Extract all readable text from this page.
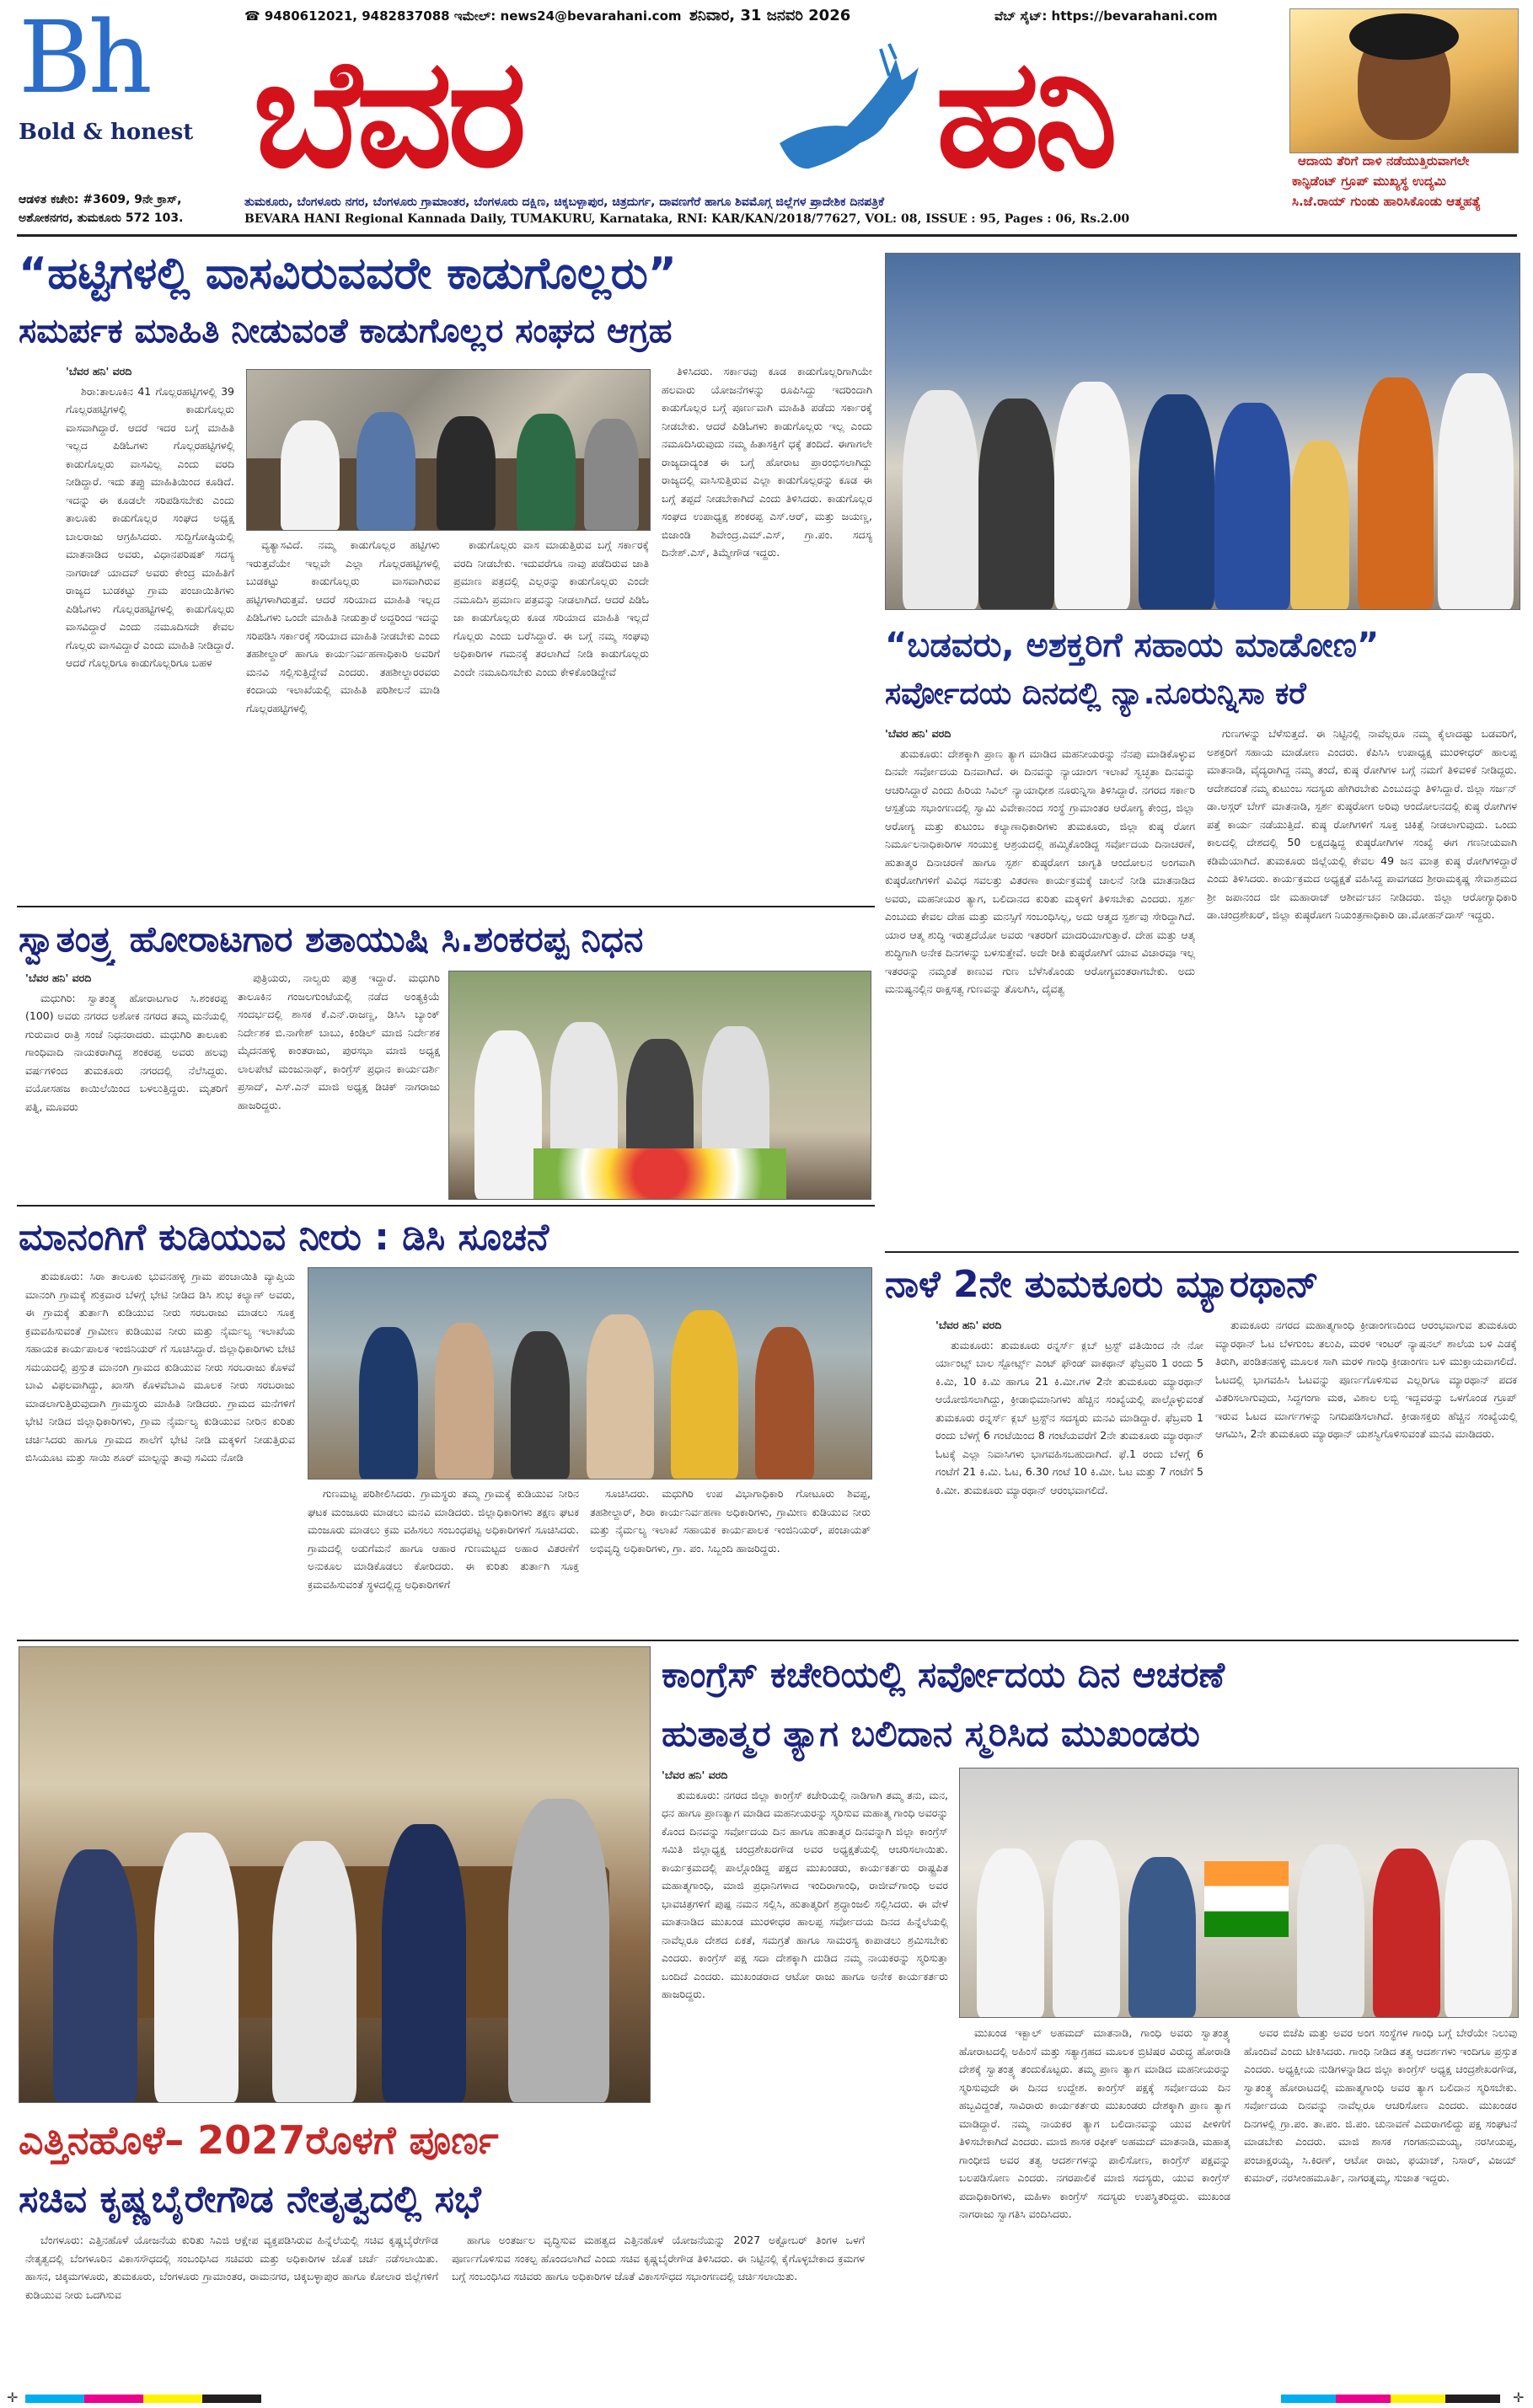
Bh
Bold & honest
☎ 9480612021, 9482837088 ಇಮೇಲ್: news24@bevarahani.com ಶನಿವಾರ, 31 ಜನವರಿ 2026	ವೆಬ್ ಸೈಟ್: https://bevarahani.com
ಬೆವರ	ಹನಿ	ಆದಾಯ ತೆರಿಗೆ ದಾಳಿ ನಡೆಯುತ್ತಿರುವಾಗಲೇ
ಕಾನ್ಫಿಡೆಂಟ್ ಗ್ರೂಪ್ ಮುಖ್ಯಸ್ಥ ಉದ್ಯಮಿ
ಸಿ.ಜೆ.ರಾಯ್ ಗುಂಡು ಹಾರಿಸಿಕೊಂಡು ಆತ್ಮಹತ್ಯೆ
ಆಡಳಿತ ಕಚೇರಿ: #3609, 9ನೇ ಕ್ರಾಸ್, ಅಶೋಕನಗರ, ತುಮಕೂರು 572 103.
ತುಮಕೂರು, ಬೆಂಗಳೂರು ನಗರ, ಬೆಂಗಳೂರು ಗ್ರಾಮಾಂತರ, ಬೆಂಗಳೂರು ದಕ್ಷಿಣ, ಚಿಕ್ಕಬಳ್ಳಾಪುರ, ಚಿತ್ರದುರ್ಗ, ದಾವಣಗೆರೆ ಹಾಗೂ ಶಿವಮೊಗ್ಗ ಜಿಲ್ಲೆಗಳ ಪ್ರಾದೇಶಿಕ ದಿನಪತ್ರಿಕೆ
BEVARA HANI Regional Kannada Daily, TUMAKURU, Karnataka, RNI: KAR/KAN/2018/77627, VOL: 08, ISSUE : 95, Pages : 06, Rs.2.00
“ಹಟ್ಟಿಗಳಲ್ಲಿ ವಾಸವಿರುವವರೇ ಕಾಡುಗೊಲ್ಲರು”
ಸಮರ್ಪಕ ಮಾಹಿತಿ ನೀಡುವಂತೆ ಕಾಡುಗೊಲ್ಲರ ಸಂಘದ ಆಗ್ರಹ
'ಬೆವರ ಹನಿ' ವರದಿ

ಶಿರಾ:ತಾಲೂಕಿನ 41 ಗೊಲ್ಲರಹಟ್ಟಿಗಳಲ್ಲಿ 39 ಗೊಲ್ಲರಹಟ್ಟಿಗಳಲ್ಲಿ ಕಾಡುಗೊಲ್ಲರು ವಾಸವಾಗಿದ್ದಾರೆ. ಆದರೆ ಇದರ ಬಗ್ಗೆ ಮಾಹಿತಿ ಇಲ್ಲದ ಪಿಡಿಓಗಳು ಗೊಲ್ಲರಹಟ್ಟಿಗಳಲ್ಲಿ ಕಾಡುಗೊಲ್ಲರು ವಾಸವಿಲ್ಲ ಎಂದು ವರದಿ ನೀಡಿದ್ದಾರೆ. ಇದು ತಪ್ಪು ಮಾಹಿತಿಯಿಂದ ಕೂಡಿದೆ. ಇದನ್ನು ಈ ಕೂಡಲೇ ಸರಿಪಡಿಸಬೇಕು ಎಂದು ತಾಲೂಕು ಕಾಡುಗೊಲ್ಲರ ಸಂಘದ ಅಧ್ಯಕ್ಷ ಬಾಲರಾಜು ಆಗ್ರಹಿಸಿದರು. ಸುದ್ದಿಗೋಷ್ಠಿಯಲ್ಲಿ ಮಾತನಾಡಿದ ಅವರು, ವಿಧಾನಪರಿಷತ್ ಸದಸ್ಯ ನಾಗರಾಜ್ ಯಾದವ್ ಅವರು ಕೇಂದ್ರ ಮಾಹಿತಿಗೆ ರಾಜ್ಯದ ಬುಡಕಟ್ಟು ಗ್ರಾಮ ಪಂಚಾಯಿತಿಗಳು ಪಿಡಿಓಗಳು ಗೊಲ್ಲರಹಟ್ಟಿಗಳಲ್ಲಿ ಕಾಡುಗೊಲ್ಲರು ವಾಸವಿದ್ದಾರೆ ಎಂದು ನಮೂದಿಸದೇ ಕೇವಲ ಗೊಲ್ಲರು ವಾಸವಿದ್ದಾರೆ ಎಂದು ಮಾಹಿತಿ ನೀಡಿದ್ದಾರೆ. ಆದರೆ ಗೊಲ್ಲರಿಗೂ ಕಾಡುಗೊಲ್ಲರಿಗೂ ಬಹಳ

ವ್ಯತ್ಯಾಸವಿದೆ. ನಮ್ಮ ಕಾಡುಗೊಲ್ಲರ ಹಟ್ಟಿಗಳು ಇರುತ್ತವೆಯೇ ಇಲ್ಲವೇ ಎಲ್ಲಾ ಗೊಲ್ಲರಹಟ್ಟಿಗಳಲ್ಲಿ ಬುಡಕಟ್ಟು ಕಾಡುಗೊಲ್ಲರು ವಾಸವಾಗಿರುವ ಹಟ್ಟಿಗಳಾಗಿರುತ್ತವೆ. ಆದರೆ ಸರಿಯಾದ ಮಾಹಿತಿ ಇಲ್ಲದ ಪಿಡಿಓಗಳು ಒಂದೇ ಮಾಹಿತಿ ನೀಡುತ್ತಾರೆ ಅದ್ದರಿಂದ ಇದನ್ನು ಸರಿಪಡಿಸಿ ಸರ್ಕಾರಕ್ಕೆ ಸರಿಯಾದ ಮಾಹಿತಿ ನೀಡಬೇಕು ಎಂದು ತಹಶೀಲ್ದಾರ್ ಹಾಗೂ ಕಾರ್ಯನಿರ್ವಹಣಾಧಿಕಾರಿ ಅವರಿಗೆ ಮನವಿ ಸಲ್ಲಿಸುತ್ತಿದ್ದೇವೆ ಎಂದರು. ತಹಶೀಲ್ದಾರರವರು ಕಂದಾಯ ಇಲಾಖೆಯಲ್ಲಿ ಮಾಹಿತಿ ಪರಿಶೀಲನೆ ಮಾಡಿ ಗೊಲ್ಲರಹಟ್ಟಿಗಳಲ್ಲಿ

ಕಾಡುಗೊಲ್ಲರು ವಾಸ ಮಾಡುತ್ತಿರುವ ಬಗ್ಗೆ ಸರ್ಕಾರಕ್ಕೆ ವರದಿ ನೀಡಬೇಕು. ಇದುವರೆಗೂ ನಾವು ಪಡೆದಿರುವ ಜಾತಿ ಪ್ರಮಾಣ ಪತ್ರದಲ್ಲಿ ಎಲ್ಲರನ್ನು ಕಾಡುಗೊಲ್ಲರು ಎಂದೇ ನಮೂದಿಸಿ ಪ್ರಮಾಣ ಪತ್ರವನ್ನು ನೀಡಲಾಗಿದೆ. ಆದರೆ ಪಿಡಿಓ ಜಾ ಕಾಡುಗೊಲ್ಲರು ಕೂಡ ಸರಿಯಾದ ಮಾಹಿತಿ ಇಲ್ಲದೆ ಗೊಲ್ಲರು ಎಂದು ಬರೆಸಿದ್ದಾರೆ. ಈ ಬಗ್ಗೆ ನಮ್ಮ ಸಂಘವು ಅಧಿಕಾರಿಗಳ ಗಮನಕ್ಕೆ ತರಲಾಗಿದೆ ನೀಡಿ ಕಾಡುಗೊಲ್ಲರು ಎಂದೇ ನಮೂದಿಸಬೇಕು ಎಂದು ಕೇಳಿಕೊಂಡಿದ್ದೇವೆ

ತಿಳಿಸಿದರು. ಸರ್ಕಾರವು ಕೂಡ ಕಾಡುಗೊಲ್ಲರಿಗಾಗಿಯೇ ಹಲವಾರು ಯೋಜನೆಗಳನ್ನು ರೂಪಿಸಿದ್ದು ಇದರಿಂದಾಗಿ ಕಾಡುಗೊಲ್ಲರ ಬಗ್ಗೆ ಪೂರ್ಣವಾಗಿ ಮಾಹಿತಿ ಪಡೆದು ಸರ್ಕಾರಕ್ಕೆ ನೀಡಬೇಕು. ಆದರೆ ಪಿಡಿಓಗಳು ಕಾಡುಗೊಲ್ಲರು ಇಲ್ಲ ಎಂದು ನಮೂದಿಸಿರುವುದು ನಮ್ಮ ಹಿತಾಸಕ್ತಿಗೆ ಧಕ್ಕೆ ತಂದಿದೆ. ಈಗಾಗಲೇ ರಾಜ್ಯದಾದ್ಯಂತ ಈ ಬಗ್ಗೆ ಹೋರಾಟ ಪ್ರಾರಂಭಿಸಲಾಗಿದ್ದು ರಾಜ್ಯದಲ್ಲಿ ವಾಸಿಸುತ್ತಿರುವ ಎಲ್ಲಾ ಕಾಡುಗೊಲ್ಲರನ್ನು ಕೂಡ ಈ ಬಗ್ಗೆ ತಪ್ಪದೆ ನೀಡಬೇಕಾಗಿದೆ ಎಂದು ತಿಳಿಸಿದರು. ಕಾಡುಗೊಲ್ಲರ ಸಂಘದ ಉಪಾಧ್ಯಕ್ಷ ಶಂಕರಪ್ಪ ಎಸ್.ಆರ್, ಮತ್ತು ಜಯಣ್ಣ, ಬಿಜಾಂಡಿ ಶಿವೇಂದ್ರ.ಎಮ್.ಎಸ್, ಗ್ರಾ.ಪಂ. ಸದಸ್ಯ ದಿನೇಶ್.ಎಸ್, ತಿಮ್ಮೇಗೌಡ ಇದ್ದರು.

“ಬಡವರು, ಅಶಕ್ತರಿಗೆ ಸಹಾಯ ಮಾಡೋಣ”
ಸರ್ವೋದಯ ದಿನದಲ್ಲಿ ನ್ಯಾ.ನೂರುನ್ನಿಸಾ ಕರೆ
'ಬೆವರ ಹನಿ' ವರದಿ

ತುಮಕೂರು: ದೇಶಕ್ಕಾಗಿ ಪ್ರಾಣ ತ್ಯಾಗ ಮಾಡಿದ ಮಹನೀಯರನ್ನು ನೆನಪು ಮಾಡಿಕೊಳ್ಳುವ ದಿನವೇ ಸರ್ವೋದಯ ದಿನವಾಗಿದೆ. ಈ ದಿನವನ್ನು ನ್ಯಾಯಾಂಗ ಇಲಾಖೆ ಸ್ವಚ್ಛತಾ ದಿನವನ್ನು ಆಚರಿಸಿದ್ದಾರೆ ಎಂದು ಹಿರಿಯ ಸಿವಿಲ್ ನ್ಯಾಯಾಧೀಶ ನೂರುನ್ನಿಸಾ ತಿಳಿಸಿದ್ದಾರೆ. ನಗರದ ಸರ್ಕಾರಿ ಆಸ್ಪತ್ರೆಯ ಸಭಾಂಗಣದಲ್ಲಿ ಸ್ವಾಮಿ ವಿವೇಕಾನಂದ ಸಂಸ್ಥೆ ಗ್ರಾಮಾಂತರ ಆರೋಗ್ಯ ಕೇಂದ್ರ, ಜಿಲ್ಲಾ ಆರೋಗ್ಯ ಮತ್ತು ಕುಟುಂಬ ಕಲ್ಯಾಣಾಧಿಕಾರಿಗಳು ತುಮಕೂರು, ಜಿಲ್ಲಾ ಕುಷ್ಠ ರೋಗ ನಿರ್ಮೂಲನಾಧಿಕಾರಿಗಳ ಸಂಯುಕ್ತ ಆಶ್ರಯದಲ್ಲಿ ಹಮ್ಮಿಕೊಂಡಿದ್ದ ಸರ್ವೋದಯ ದಿನಾಚರಣೆ, ಹುತಾತ್ಮರ ದಿನಾಚರಣೆ ಹಾಗೂ ಸ್ಪರ್ಶ ಕುಷ್ಠರೋಗ ಜಾಗೃತಿ ಆಂದೋಲನ ಅಂಗವಾಗಿ ಕುಷ್ಠರೋಗಿಗಳಿಗೆ ವಿವಿಧ ಸವಲತ್ತು ವಿತರಣಾ ಕಾರ್ಯಕ್ರಮಕ್ಕೆ ಚಾಲನೆ ನೀಡಿ ಮಾತನಾಡಿದ ಅವರು, ಮಹನೀಯರ ತ್ಯಾಗ, ಬಲಿದಾನದ ಕುರಿತು ಮಕ್ಕಳಿಗೆ ತಿಳಿಸಬೇಕು ಎಂದರು. ಸ್ಪರ್ಶ ಎಂಬುದು ಕೇವಲ ದೇಹ ಮತ್ತು ಮನಸ್ಸಿಗೆ ಸಂಬಂಧಿಸಿಲ್ಲ, ಅದು ಆತ್ಮದ ಸ್ಪರ್ಶವು ಸೇರಿದ್ದಾಗಿದೆ. ಯಾರ ಆತ್ಮ ಶುದ್ಧಿ ಇರುತ್ತದೆಯೋ ಅವರು ಇತರರಿಗೆ ಮಾದರಿಯಾಗುತ್ತಾರೆ. ದೇಹ ಮತ್ತು ಆತ್ಮ ಶುದ್ಧಿಗಾಗಿ ಅನೇಕ ದಿನಗಳನ್ನು ಬಳಸುತ್ತೇವೆ. ಅದೇ ರೀತಿ ಕುಷ್ಠರೋಗಿಗೆ ಯಾವ ವಿಚಾರವೂ ಇಲ್ಲ ಇತರರನ್ನು ನಮ್ಮಂತೆ ಕಾಣುವ ಗುಣ ಬೆಳೆಸಿಕೊಂಡು ಆರೋಗ್ಯವಂತರಾಗಬೇಕು. ಅದು ಮನುಷ್ಯನಲ್ಲಿನ ರಾಕ್ಷಸತ್ವ ಗುಣವನ್ನು ತೊಲಗಿಸಿ, ದೈವತ್ವ

ಗುಣಗಳನ್ನು ಬೆಳೆಸುತ್ತದೆ. ಈ ನಿಟ್ಟಿನಲ್ಲಿ ನಾವೆಲ್ಲರೂ ನಮ್ಮ ಕೈಲಾದಷ್ಟು ಬಡವರಿಗೆ, ಅಶಕ್ತರಿಗೆ ಸಹಾಯ ಮಾಡೋಣ ಎಂದರು. ಕೆಪಿಸಿಸಿ ಉಪಾಧ್ಯಕ್ಷ ಮುರಳೀಧರ್ ಹಾಲಪ್ಪ ಮಾತನಾಡಿ, ವೈದ್ಯರಾಗಿದ್ದ ನಮ್ಮ ತಂದೆ, ಕುಷ್ಠ ರೋಗಿಗಳ ಬಗ್ಗೆ ನಮಗೆ ತಿಳಿವಳಿಕೆ ನೀಡಿದ್ದರು. ಆದೇಶದಂತೆ ನಮ್ಮ ಕುಟುಂಬ ಸದಸ್ಯರು ಹೇಗಿರಬೇಕು ಎಂಬುದನ್ನು ತಿಳಿಸಿದ್ದಾರೆ. ಜಿಲ್ಲಾ ಸರ್ಜನ್ ಡಾ.ಅಸ್ಗರ್ ಬೇಗ್ ಮಾತನಾಡಿ, ಸ್ಪರ್ಶ ಕುಷ್ಠರೋಗ ಅರಿವು ಆಂದೋಲನದಲ್ಲಿ ಕುಷ್ಠ ರೋಗಿಗಳ ಪತ್ತೆ ಕಾರ್ಯ ನಡೆಯುತ್ತಿದೆ. ಕುಷ್ಠ ರೋಗಿಗಳಿಗೆ ಸೂಕ್ತ ಚಿಕಿತ್ಸೆ ನೀಡಲಾಗುವುದು. ಒಂದು ಕಾಲದಲ್ಲಿ ದೇಶದಲ್ಲಿ 50 ಲಕ್ಷದಷ್ಟಿದ್ದ ಕುಷ್ಠರೋಗಿಗಳ ಸಂಖ್ಯೆ ಈಗ ಗಣನೀಯವಾಗಿ ಕಡಿಮೆಯಾಗಿದೆ. ತುಮಕೂರು ಜಿಲ್ಲೆಯಲ್ಲಿ ಕೇವಲ 49 ಜನ ಮಾತ್ರ ಕುಷ್ಠ ರೋಗಿಗಳಿದ್ದಾರೆ ಎಂದು ತಿಳಿಸಿದರು. ಕಾರ್ಯಕ್ರಮದ ಅಧ್ಯಕ್ಷತೆ ವಹಿಸಿದ್ದ ಪಾವಗಡದ ಶ್ರೀರಾಮಕೃಷ್ಣ ಸೇವಾಶ್ರಮದ ಶ್ರೀ ಜಪಾನಂದ ಜೀ ಮಹಾರಾಜ್ ಆಶೀರ್ವಚನ ನೀಡಿದರು. ಜಿಲ್ಲಾ ಆರೋಗ್ಯಾಧಿಕಾರಿ ಡಾ.ಚಂದ್ರಶೇಖರ್, ಜಿಲ್ಲಾ ಕುಷ್ಠರೋಗ ನಿಯಂತ್ರಣಾಧಿಕಾರಿ ಡಾ.ಮೋಹನ್‌ದಾಸ್ ಇದ್ದರು.

ಸ್ವಾತಂತ್ರ್ಯ ಹೋರಾಟಗಾರ ಶತಾಯುಷಿ ಸಿ.ಶಂಕರಪ್ಪ ನಿಧನ
'ಬೆವರ ಹನಿ' ವರದಿ

ಮಧುಗಿರಿ: ಸ್ವಾತಂತ್ರ್ಯ ಹೋರಾಟಗಾರ ಸಿ.ಶಂಕರಪ್ಪ (100) ಅವರು ನಗರದ ಅಶೋಕ ನಗರದ ತಮ್ಮ ಮನೆಯಲ್ಲಿ ಗುರುವಾರ ರಾತ್ರಿ ಸಂಜೆ ನಿಧನರಾದರು. ಮಧುಗಿರಿ ತಾಲೂಕು ಗಾಂಧಿವಾದಿ ನಾಯಕರಾಗಿದ್ದ ಶಂಕರಪ್ಪ ಅವರು ಹಲವು ವರ್ಷಗಳಿಂದ ತುಮಕೂರು ನಗರದಲ್ಲಿ ನೆಲೆಸಿದ್ದರು. ವಯೋಸಹಜ ಕಾಯಿಲೆಯಿಂದ ಬಳಲುತ್ತಿದ್ದರು. ಮೃತರಿಗೆ ಪತ್ನಿ, ಮೂವರು

ಪುತ್ರಿಯರು, ನಾಲ್ವರು ಪುತ್ರ ಇದ್ದಾರೆ. ಮಧುಗಿರಿ ತಾಲೂಕಿನ ಗಂಜಲಗುಂಟೆಯಲ್ಲಿ ನಡೆದ ಅಂತ್ಯಕ್ರಿಯೆ ಸಂದರ್ಭದಲ್ಲಿ ಶಾಸಕ ಕೆ.ಎನ್.ರಾಜಣ್ಣ, ಡಿಸಿಸಿ ಬ್ಯಾಂಕ್ ನಿರ್ದೇಶಕ ಬಿ.ನಾಗೇಶ್ ಬಾಬು, ಕಿಂಡಿಲ್ ಮಾಜಿ ನಿರ್ದೇಶಕ ಮೈದನಹಳ್ಳಿ ಕಾಂತರಾಜು, ಪುರಸಭಾ ಮಾಜಿ ಅಧ್ಯಕ್ಷ ಲಾಲಪೇಟೆ ಮಂಜುನಾಥ್, ಕಾಂಗ್ರೆಸ್ ಪ್ರಧಾನ ಕಾರ್ಯದರ್ಶಿ ಪ್ರಸಾದ್, ಎಸ್.ಎನ್ ಮಾಜಿ ಅಧ್ಯಕ್ಷ ಡಿಚಿಕ್ ನಾಗರಾಜು ಹಾಜರಿದ್ದರು.

ಮಾನಂಗಿಗೆ ಕುಡಿಯುವ ನೀರು : ಡಿಸಿ ಸೂಚನೆ

ತುಮಕೂರು: ಸಿರಾ ತಾಲೂಕು ಭುವನಹಳ್ಳಿ ಗ್ರಾಮ ಪಂಚಾಯಿತಿ ವ್ಯಾಪ್ತಿಯ ಮಾನಂಗಿ ಗ್ರಾಮಕ್ಕೆ ಶುಕ್ರವಾರ ಬೆಳಗ್ಗೆ ಭೇಟಿ ನೀಡಿದ ಡಿಸಿ ಶುಭ ಕಲ್ಯಾಣ್ ಅವರು, ಈ ಗ್ರಾಮಕ್ಕೆ ತುರ್ತಾಗಿ ಕುಡಿಯುವ ನೀರು ಸರಬರಾಜು ಮಾಡಲು ಸೂಕ್ತ ಕ್ರಮವಹಿಸುವಂತೆ ಗ್ರಾಮೀಣ ಕುಡಿಯುವ ನೀರು ಮತ್ತು ನೈರ್ಮಲ್ಯ ಇಲಾಖೆಯ ಸಹಾಯಕ ಕಾರ್ಯಪಾಲಕ ಇಂಜಿನಿಯರ್ ಗೆ ಸೂಚಿಸಿದ್ದಾರೆ. ಜಿಲ್ಲಾಧಿಕಾರಿಗಳು ಬೇಟಿ ಸಮಯದಲ್ಲಿ ಪ್ರಸ್ತುತ ಮಾನಂಗಿ ಗ್ರಾಮದ ಕುಡಿಯುವ ನೀರು ಸರಬರಾಜು ಕೊಳವೆ ಬಾವಿ ವಿಫಲವಾಗಿದ್ದು, ಖಾಸಗಿ ಕೊಳವೆಬಾವಿ ಮೂಲಕ ನೀರು ಸರಬರಾಜು ಮಾಡಲಾಗುತ್ತಿರುವುದಾಗಿ ಗ್ರಾಮಸ್ಥರು ಮಾಹಿತಿ ನೀಡಿದರು. ಗ್ರಾಮದ ಮನೆಗಳಿಗೆ ಭೇಟಿ ನೀಡಿದ ಜಿಲ್ಲಾಧಿಕಾರಿಗಳು, ಗ್ರಾಮ ನೈರ್ಮಲ್ಯ ಕುಡಿಯುವ ನೀರಿನ ಕುರಿತು ಚರ್ಚಿಸಿದರು ಹಾಗೂ ಗ್ರಾಮದ ಶಾಲೆಗೆ ಭೇಟಿ ನೀಡಿ ಮಕ್ಕಳಿಗೆ ನೀಡುತ್ತಿರುವ ಬಿಸಿಯೂಟ ಮತ್ತು ಸಾಯಿ ಶೂರ್ ಮಾಲ್ಟನ್ನು ತಾವು ಸವಿದು ನೋಡಿ

ಗುಣಮಟ್ಟ ಪರಿಶೀಲಿಸಿದರು. ಗ್ರಾಮಸ್ಥರು ತಮ್ಮ ಗ್ರಾಮಕ್ಕೆ ಕುಡಿಯುವ ನೀರಿನ ಘಟಕ ಮಂಜೂರು ಮಾಡಲು ಮನವಿ ಮಾಡಿದರು. ಜಿಲ್ಲಾಧಿಕಾರಿಗಳು ತಕ್ಷಣ ಘಟಕ ಮಂಜೂರು ಮಾಡಲು ಕ್ರಮ ವಹಿಸಲು ಸಂಬಂಧಪಟ್ಟ ಅಧಿಕಾರಿಗಳಿಗೆ ಸೂಚಿಸಿದರು. ಗ್ರಾಮದಲ್ಲಿ ಅಡುಗೆಮನೆ ಹಾಗೂ ಆಹಾರ ಗುಣಮಟ್ಟದ ಅಹಾರ ವಿತರಣೆಗೆ ಅನುಕೂಲ ಮಾಡಿಕೊಡಲು ಕೋರಿದರು. ಈ ಕುರಿತು ತುರ್ತಾಗಿ ಸೂಕ್ತ ಕ್ರಮವಹಿಸುವಂತೆ ಸ್ಥಳದಲ್ಲಿದ್ದ ಅಧಿಕಾರಿಗಳಿಗೆ

ಸೂಚಿಸಿದರು. ಮಧುಗಿರಿ ಉಪ ವಿಭಾಗಾಧಿಕಾರಿ ಗೋಟೂರು ಶಿವಪ್ಪ, ತಹಶೀಲ್ದಾರ್, ಶಿರಾ ಕಾರ್ಯನಿರ್ವಹಣಾ ಅಧಿಕಾರಿಗಳು, ಗ್ರಾಮೀಣ ಕುಡಿಯುವ ನೀರು ಮತ್ತು ನೈರ್ಮಲ್ಯ ಇಲಾಖೆ ಸಹಾಯಕ ಕಾರ್ಯಪಾಲಕ ಇಂಜಿನಿಯರ್, ಪಂಚಾಯತ್ ಅಭಿವೃದ್ಧಿ ಅಧಿಕಾರಿಗಳು, ಗ್ರಾ. ಪಂ. ಸಿಬ್ಬಂದಿ ಹಾಜರಿದ್ದರು.

ನಾಳೆ 2ನೇ ತುಮಕೂರು ಮ್ಯಾರಥಾನ್
'ಬೆವರ ಹನಿ' ವರದಿ

ತುಮಕೂರು: ತುಮಕೂರು ರನ್ನರ್ಸ್ ಕ್ಲಬ್ ಟ್ರಸ್ಟ್ ವತಿಯಿಂದ ನೇ ನೋ ರ್ಯಾಂಟ್ಸ್ ಬಾಲ ಸ್ಪೋರ್ಟ್ಸ್ ಎಂಟ್ ಫೌಂಡ್ ವಾಕಥಾನ್ ಫೆಬ್ರವರಿ 1 ರಂದು 5 ಕಿ.ಮಿ, 10 ಕಿ.ಮಿ ಹಾಗೂ 21 ಕಿ.ಮೀ.ಗಳ 2ನೇ ತುಮಕೂರು ಮ್ಯಾರಥಾನ್ ಆಯೋಜಿಸಲಾಗಿದ್ದು, ಕ್ರೀಡಾಭಿಮಾನಿಗಳು ಹೆಚ್ಚಿನ ಸಂಖ್ಯೆಯಲ್ಲಿ ಪಾಲ್ಗೊಳ್ಳುವಂತೆ ತುಮಕೂರು ರನ್ನರ್ಸ್ ಕ್ಲಬ್ ಟ್ರಸ್ಟ್‌ನ ಸದಸ್ಯರು ಮನವಿ ಮಾಡಿದ್ದಾರೆ. ಫೆಬ್ರವರಿ 1 ರಂದು ಬೆಳಗ್ಗೆ 6 ಗಂಟೆಯಿಂದ 8 ಗಂಟೆಯವರೆಗೆ 2ನೇ ತುಮಕೂರು ಮ್ಯಾರಥಾನ್ ಓಟಕ್ಕೆ ಎಲ್ಲಾ ನಿವಾಸಿಗಳು ಭಾಗವಹಿಸಬಹುದಾಗಿದೆ. ಫೆ.1 ರಂದು ಬೆಳಗ್ಗೆ 6 ಗಂಟೆಗೆ 21 ಕಿ.ಮಿ. ಓಟ, 6.30 ಗಂಟೆ 10 ಕಿ.ಮೀ. ಓಟ ಮತ್ತು 7 ಗಂಟೆಗೆ 5 ಕಿ.ಮೀ. ತುಮಕೂರು ಮ್ಯಾರಥಾನ್ ಆರಂಭವಾಗಲಿದೆ.

ತುಮಕೂರು ನಗರದ ಮಹಾತ್ಮಗಾಂಧಿ ಕ್ರೀಡಾಂಗಣದಿಂದ ಆರಂಭವಾಗುವ ತುಮಕೂರು ಮ್ಯಾರಥಾನ್ ಓಟ ಬೆಳಗುಂಬ ತಲುಪಿ, ಮರಳಿ ಇಂಟರ್ ನ್ಯಾಷನಲ್ ಶಾಲೆಯ ಬಳಿ ಎಡಕ್ಕೆ ತಿರುಗಿ, ಪಂಡಿತನಹಳ್ಳಿ ಮೂಲಕ ಸಾಗಿ ಮರಳಿ ಗಾಂಧಿ ಕ್ರೀಡಾಂಗಣ ಬಳಿ ಮುಕ್ತಾಯವಾಗಲಿದೆ. ಓಟದಲ್ಲಿ ಭಾಗವಹಿಸಿ ಓಟವನ್ನು ಪೂರ್ಣಗೊಳಿಸುವ ಎಲ್ಲರಿಗೂ ಮ್ಯಾರಥಾನ್ ಪದಕ ವಿತರಿಸಲಾಗುವುದು, ಸಿದ್ದಗಂಗಾ ಮಠ, ವಿಶಾಲ ಲಬ್ಬಿ ಇದ್ದವರನ್ನು ಒಳಗೊಂಡ ಗ್ರೂಪ್ ಇರುವ ಓಟದ ಮಾರ್ಗಗಳನ್ನು ನಿಗದಿಪಡಿಸಲಾಗಿದೆ. ಕ್ರೀಡಾಸಕ್ತರು ಹೆಚ್ಚಿನ ಸಂಖ್ಯೆಯಲ್ಲಿ ಆಗಮಿಸಿ, 2ನೇ ತುಮಕೂರು ಮ್ಯಾರಥಾನ್ ಯಶಸ್ವಿಗೊಳಿಸುವಂತೆ ಮನವಿ ಮಾಡಿದರು.

ಎತ್ತಿನಹೊಳೆ– 2027ರೊಳಗೆ ಪೂರ್ಣ
ಸಚಿವ ಕೃಷ್ಣಬೈರೇಗೌಡ ನೇತೃತ್ವದಲ್ಲಿ ಸಭೆ

ಬೆಂಗಳೂರು: ಎತ್ತಿನಹೊಳೆ ಯೋಜನೆಯ ಕುರಿತು ಸಿಎಜಿ ಆಕ್ಷೇಪ ವ್ಯಕ್ತಪಡಿಸಿರುವ ಹಿನ್ನೆಲೆಯಲ್ಲಿ ಸಚಿವ ಕೃಷ್ಣಬೈರೇಗೌಡ ನೇತೃತ್ವದಲ್ಲಿ ಬೆಂಗಳೂರಿನ ವಿಕಾಸಸೌಧದಲ್ಲಿ ಸಂಬಂಧಿಸಿದ ಸಚಿವರು ಮತ್ತು ಅಧಿಕಾರಿಗಳ ಜೊತೆ ಚರ್ಚೆ ನಡೆಸಲಾಯಿತು. ಹಾಸನ, ಚಿಕ್ಕಮಗಳೂರು, ತುಮಕೂರು, ಬೆಂಗಳೂರು ಗ್ರಾಮಾಂತರ, ರಾಮನಗರ, ಚಿಕ್ಕಬಳ್ಳಾಪುರ ಹಾಗೂ ಕೋಲಾರ ಜಿಲ್ಲೆಗಳಿಗೆ ಕುಡಿಯುವ ನೀರು ಒದಗಿಸುವ

ಹಾಗೂ ಅಂತರ್ಜಲ ವೃದ್ಧಿಸುವ ಮಹತ್ವದ ಎತ್ತಿನಹೊಳೆ ಯೋಜನೆಯನ್ನು 2027 ಅಕ್ಟೋಬರ್ ತಿಂಗಳ ಒಳಗೆ ಪೂರ್ಣಗೊಳಿಸುವ ಸಂಕಲ್ಪ ಹೊಂದಲಾಗಿದೆ ಎಂದು ಸಚಿವ ಕೃಷ್ಣಬೈರೇಗೌಡ ತಿಳಿಸಿದರು. ಈ ನಿಟ್ಟಿನಲ್ಲಿ ಕೈಗೊಳ್ಳಬೇಕಾದ ಕ್ರಮಗಳ ಬಗ್ಗೆ ಸಂಬಂಧಿಸಿದ ಸಚಿವರು ಹಾಗೂ ಅಧಿಕಾರಿಗಳ ಜೊತೆ ವಿಕಾಸಸೌಧದ ಸಭಾಂಗಣದಲ್ಲಿ ಚರ್ಚಿಸಲಾಯಿತು.

ಕಾಂಗ್ರೆಸ್ ಕಚೇರಿಯಲ್ಲಿ ಸರ್ವೋದಯ ದಿನ ಆಚರಣೆ
ಹುತಾತ್ಮರ ತ್ಯಾಗ ಬಲಿದಾನ ಸ್ಮರಿಸಿದ ಮುಖಂಡರು
'ಬೆವರ ಹನಿ' ವರದಿ

ತುಮಕೂರು: ನಗರದ ಜಿಲ್ಲಾ ಕಾಂಗ್ರೆಸ್ ಕಚೇರಿಯಲ್ಲಿ ನಾಡಿಗಾಗಿ ತಮ್ಮ ತನು, ಮನ, ಧನ ಹಾಗೂ ಪ್ರಾಣತ್ಯಾಗ ಮಾಡಿದ ಮಹನೀಯರನ್ನು ಸ್ಮರಿಸುವ ಮಹಾತ್ಮ ಗಾಂಧಿ ಅವರನ್ನು ಕೊಂದ ದಿನವನ್ನು ಸರ್ವೋದಯ ದಿನ ಹಾಗೂ ಹುತಾತ್ಮರ ದಿನವನ್ನಾಗಿ ಜಿಲ್ಲಾ ಕಾಂಗ್ರೆಸ್ ಸಮಿತಿ ಜಿಲ್ಲಾಧ್ಯಕ್ಷ ಚಂದ್ರಶೇಖರಗೌಡ ಅವರ ಅಧ್ಯಕ್ಷತೆಯಲ್ಲಿ ಆಚರಿಸಲಾಯಿತು. ಕಾರ್ಯಕ್ರಮದಲ್ಲಿ ಪಾಲ್ಗೊಂಡಿದ್ದ ಪಕ್ಷದ ಮುಖಂಡರು, ಕಾರ್ಯಕರ್ತರು ರಾಷ್ಟ್ರಪಿತ ಮಹಾತ್ಮಗಾಂಧಿ, ಮಾಜಿ ಪ್ರಧಾನಿಗಳಾದ ಇಂದಿರಾಗಾಂಧಿ, ರಾಜೀವ್‌ಗಾಂಧಿ ಅವರ ಭಾವಚಿತ್ರಗಳಿಗೆ ಪುಷ್ಪ ನಮನ ಸಲ್ಲಿಸಿ, ಹುತಾತ್ಮರಿಗೆ ಶ್ರದ್ಧಾಂಜಲಿ ಸಲ್ಲಿಸಿದರು. ಈ ವೇಳೆ ಮಾತನಾಡಿದ ಮುಖಂಡ ಮುರಳೀಧರ ಹಾಲಪ್ಪ ಸರ್ವೋದಯ ದಿನದ ಹಿನ್ನೆಲೆಯಲ್ಲಿ ನಾವೆಲ್ಲರೂ ದೇಶದ ಏಕತೆ, ಸಮಗ್ರತೆ ಹಾಗೂ ಸಾಮರಸ್ಯ ಕಾಪಾಡಲು ಶ್ರಮಿಸಬೇಕು ಎಂದರು. ಕಾಂಗ್ರೆಸ್ ಪಕ್ಷ ಸದಾ ದೇಶಕ್ಕಾಗಿ ದುಡಿದ ನಮ್ಮ ನಾಯಕರನ್ನು ಸ್ಮರಿಸುತ್ತಾ ಬಂದಿದೆ ಎಂದರು. ಮುಖಂಡರಾದ ಆಟೋ ರಾಜು ಹಾಗೂ ಅನೇಕ ಕಾರ್ಯಕರ್ತರು ಹಾಜರಿದ್ದರು.

ಮುಖಂಡ ಇಕ್ಬಾಲ್ ಅಹಮದ್ ಮಾತನಾಡಿ, ಗಾಂಧಿ ಅವರು ಸ್ವಾತಂತ್ರ್ಯ ಹೋರಾಟದಲ್ಲಿ ಅಹಿಂಸೆ ಮತ್ತು ಸತ್ಯಾಗ್ರಹದ ಮೂಲಕ ಬ್ರಿಟಿಷರ ವಿರುದ್ಧ ಹೋರಾಡಿ ದೇಶಕ್ಕೆ ಸ್ವಾತಂತ್ರ್ಯ ತಂದುಕೊಟ್ಟರು. ತಮ್ಮ ಪ್ರಾಣ ತ್ಯಾಗ ಮಾಡಿದ ಮಹನೀಯರನ್ನು ಸ್ಮರಿಸುವುದೇ ಈ ದಿನದ ಉದ್ದೇಶ. ಕಾಂಗ್ರೆಸ್ ಪಕ್ಷಕ್ಕೆ ಸರ್ವೋದಯ ದಿನ ಹಬ್ಬವಿದ್ದಂತೆ, ಸಾವಿರಾರು ಕಾರ್ಯಕರ್ತರು ಮುಖಂಡರು ದೇಶಕ್ಕಾಗಿ ಪ್ರಾಣ ತ್ಯಾಗ ಮಾಡಿದ್ದಾರೆ. ನಮ್ಮ ನಾಯಕರ ತ್ಯಾಗ ಬಲಿದಾನವನ್ನು ಯುವ ಪೀಳಿಗೆಗೆ ತಿಳಿಸಬೇಕಾಗಿದೆ ಎಂದರು. ಮಾಜಿ ಶಾಸಕ ರಫೀಕ್ ಅಹಮದ್ ಮಾತನಾಡಿ, ಮಹಾತ್ಮ ಗಾಂಧೀಜಿ ಅವರ ತತ್ವ ಆದರ್ಶಗಳನ್ನು ಪಾಲಿಸೋಣ, ಕಾಂಗ್ರೆಸ್ ಪಕ್ಷವನ್ನು ಬಲಪಡಿಸೋಣ ಎಂದರು. ನಗರಪಾಲಿಕೆ ಮಾಜಿ ಸದಸ್ಯರು, ಯುವ ಕಾಂಗ್ರೆಸ್ ಪದಾಧಿಕಾರಿಗಳು, ಮಹಿಳಾ ಕಾಂಗ್ರೆಸ್ ಸದಸ್ಯರು ಉಪಸ್ಥಿತರಿದ್ದರು. ಮುಖಂಡ ನಾಗರಾಜು ಸ್ವಾಗತಿಸಿ ವಂದಿಸಿದರು.

ಅವರ ಬಿಜೆಪಿ ಮತ್ತು ಅವರ ಅಂಗ ಸಂಸ್ಥೆಗಳ ಗಾಂಧಿ ಬಗ್ಗೆ ಬೇರೆಯೇ ನಿಲುವು ಹೊಂದಿವೆ ಎಂದು ಟೀಕಿಸಿದರು. ಗಾಂಧಿ ನೀಡಿದ ತತ್ವ ಆದರ್ಶಗಳು ಇಂದಿಗೂ ಪ್ರಸ್ತುತ ಎಂದರು. ಅಧ್ಯಕ್ಷೀಯ ನುಡಿಗಳನ್ನಾಡಿದ ಜಿಲ್ಲಾ ಕಾಂಗ್ರೆಸ್ ಅಧ್ಯಕ್ಷ ಚಂದ್ರಶೇಖರಗೌಡ, ಸ್ವಾತಂತ್ರ್ಯ ಹೋರಾಟದಲ್ಲಿ ಮಹಾತ್ಮಗಾಂಧಿ ಅವರ ತ್ಯಾಗ ಬಲಿದಾನ ಸ್ಮರಿಸಬೇಕು. ಸರ್ವೋದಯ ದಿನವನ್ನು ನಾವೆಲ್ಲರೂ ಆಚರಿಸೋಣ ಎಂದರು. ಮುಖಂಡರ ದಿನಗಳಲ್ಲಿ ಗ್ರಾ.ಪಂ. ತಾ.ಪಂ. ಜಿ.ಪಂ. ಚುನಾವಣೆ ಎದುರಾಗಲಿದ್ದು ಪಕ್ಷ ಸಂಘಟನೆ ಮಾಡಬೇಕು ಎಂದರು. ಮಾಜಿ ಶಾಸಕ ಗಂಗಹನುಮಯ್ಯ, ನರಸೀಯಪ್ಪ, ಪಂಚಾಕ್ಷರಯ್ಯ, ಸಿ.ಕಿರಣ್, ಆಟೋ ರಾಜು, ಫಯಾಜ್, ನಿಸಾರ್, ವಿಜಯ್ ಕುಮಾರ್, ನರಸೀಂಹಮೂರ್ತಿ, ನಾಗರತ್ನಮ್ಮ, ಸುಜಾತ ಇದ್ದರು.

✛	✛
